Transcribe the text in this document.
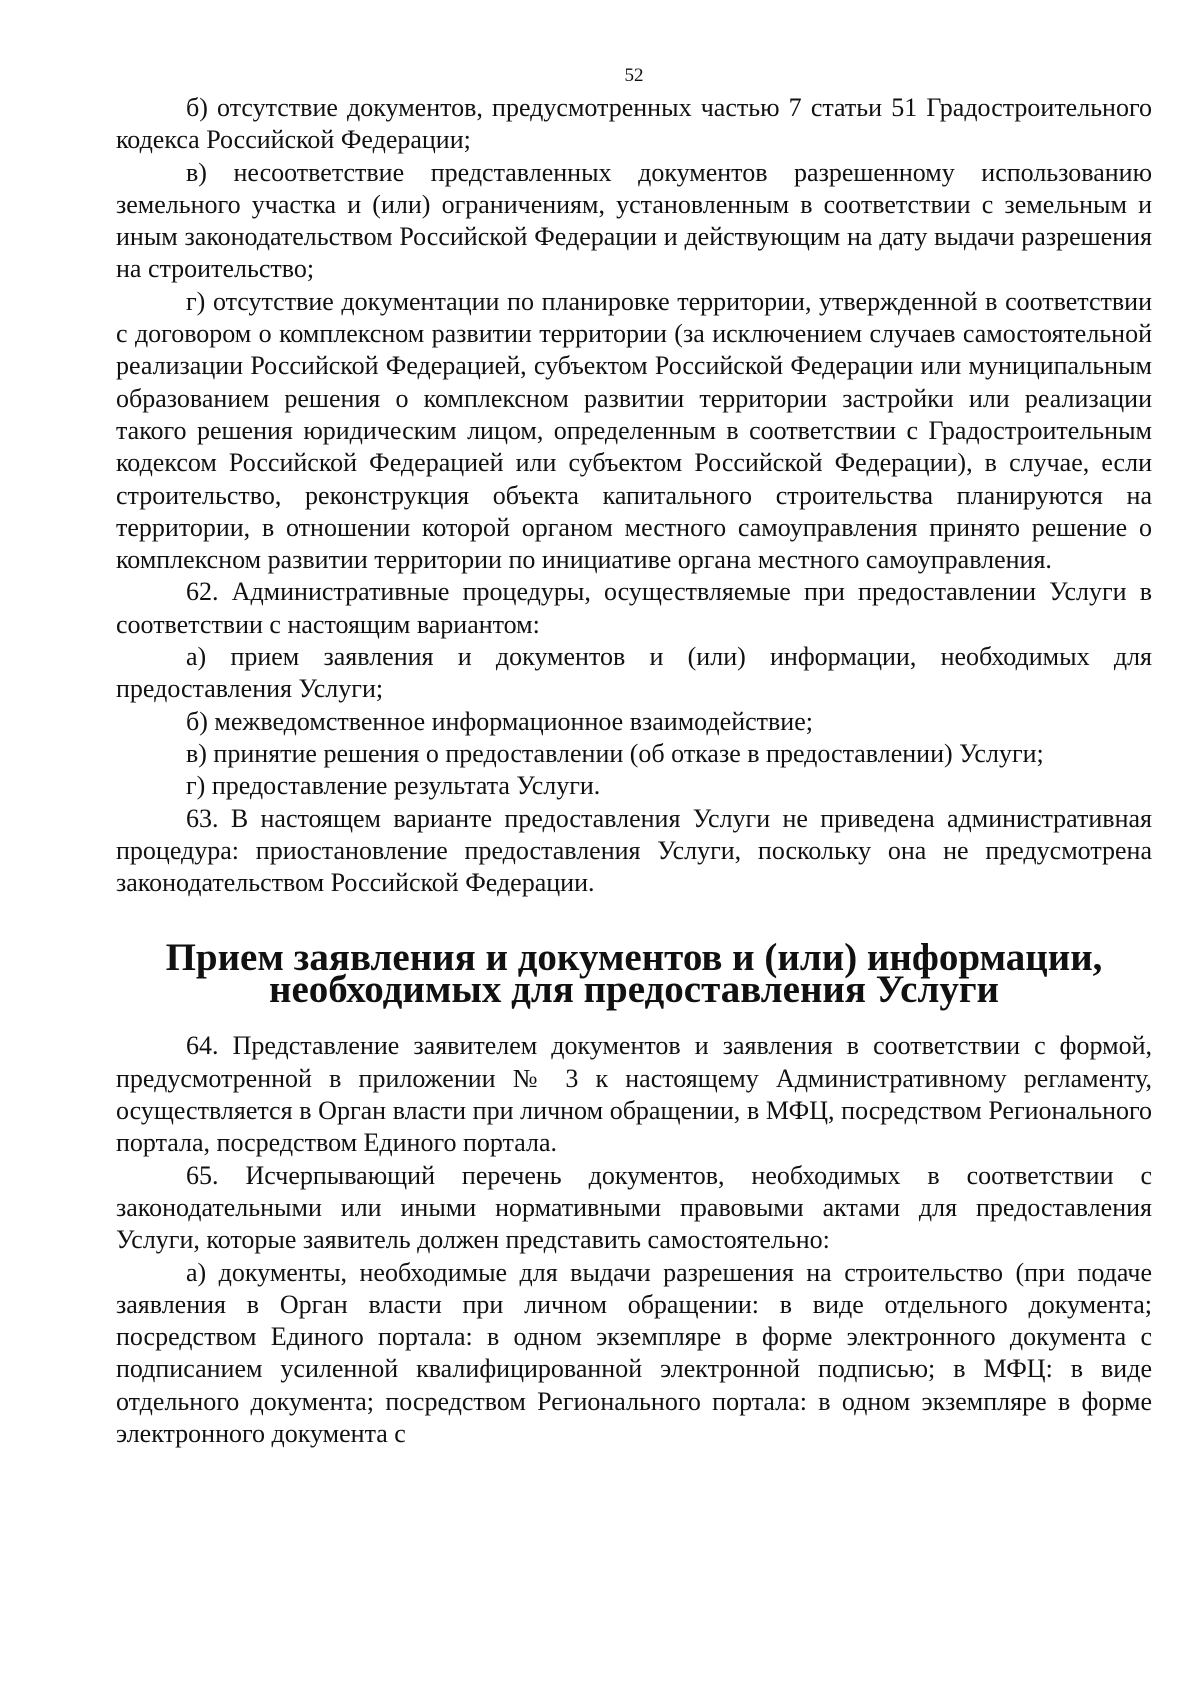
52

б) отсутствие документов, предусмотренных частью 7 статьи 51 Градостроительного кодекса Российской Федерации;

в) несоответствие представленных документов разрешенному использованию земельного участка и (или) ограничениям, установленным в соответствии с земельным и иным законодательством Российской Федерации и действующим на дату выдачи разрешения на строительство;

г) отсутствие документации по планировке территории, утвержденной в соответствии с договором о комплексном развитии территории (за исключением случаев самостоятельной реализации Российской Федерацией, субъектом Российской Федерации или муниципальным образованием решения о комплексном развитии территории застройки или реализации такого решения юридическим лицом, определенным в соответствии с Градостроительным кодексом Российской Федерацией или субъектом Российской Федерации), в случае, если строительство, реконструкция объекта капитального строительства планируются на территории, в отношении которой органом местного самоуправления принято решение о комплексном развитии территории по инициативе органа местного самоуправления.

62. Административные процедуры, осуществляемые при предоставлении Услуги в соответствии с настоящим вариантом:

а) прием заявления и документов и (или) информации, необходимых для предоставления Услуги;

б) межведомственное информационное взаимодействие;

в) принятие решения о предоставлении (об отказе в предоставлении) Услуги;

г) предоставление результата Услуги.

63. В настоящем варианте предоставления Услуги не приведена административная процедура: приостановление предоставления Услуги, поскольку она не предусмотрена законодательством Российской Федерации.

Прием заявления и документов и (или) информации, необходимых для предоставления Услуги

64. Представление заявителем документов и заявления в соответствии с формой, предусмотренной в приложении № 3 к настоящему Административному регламенту, осуществляется в Орган власти при личном обращении, в МФЦ, посредством Регионального портала, посредством Единого портала.

65. Исчерпывающий перечень документов, необходимых в соответствии с законодательными или иными нормативными правовыми актами для предоставления Услуги, которые заявитель должен представить самостоятельно:

а) документы, необходимые для выдачи разрешения на строительство (при подаче заявления в Орган власти при личном обращении: в виде отдельного документа; посредством Единого портала: в одном экземпляре в форме электронного документа с подписанием усиленной квалифицированной электронной подписью; в МФЦ: в виде отдельного документа; посредством Регионального портала: в одном экземпляре в форме электронного документа с
